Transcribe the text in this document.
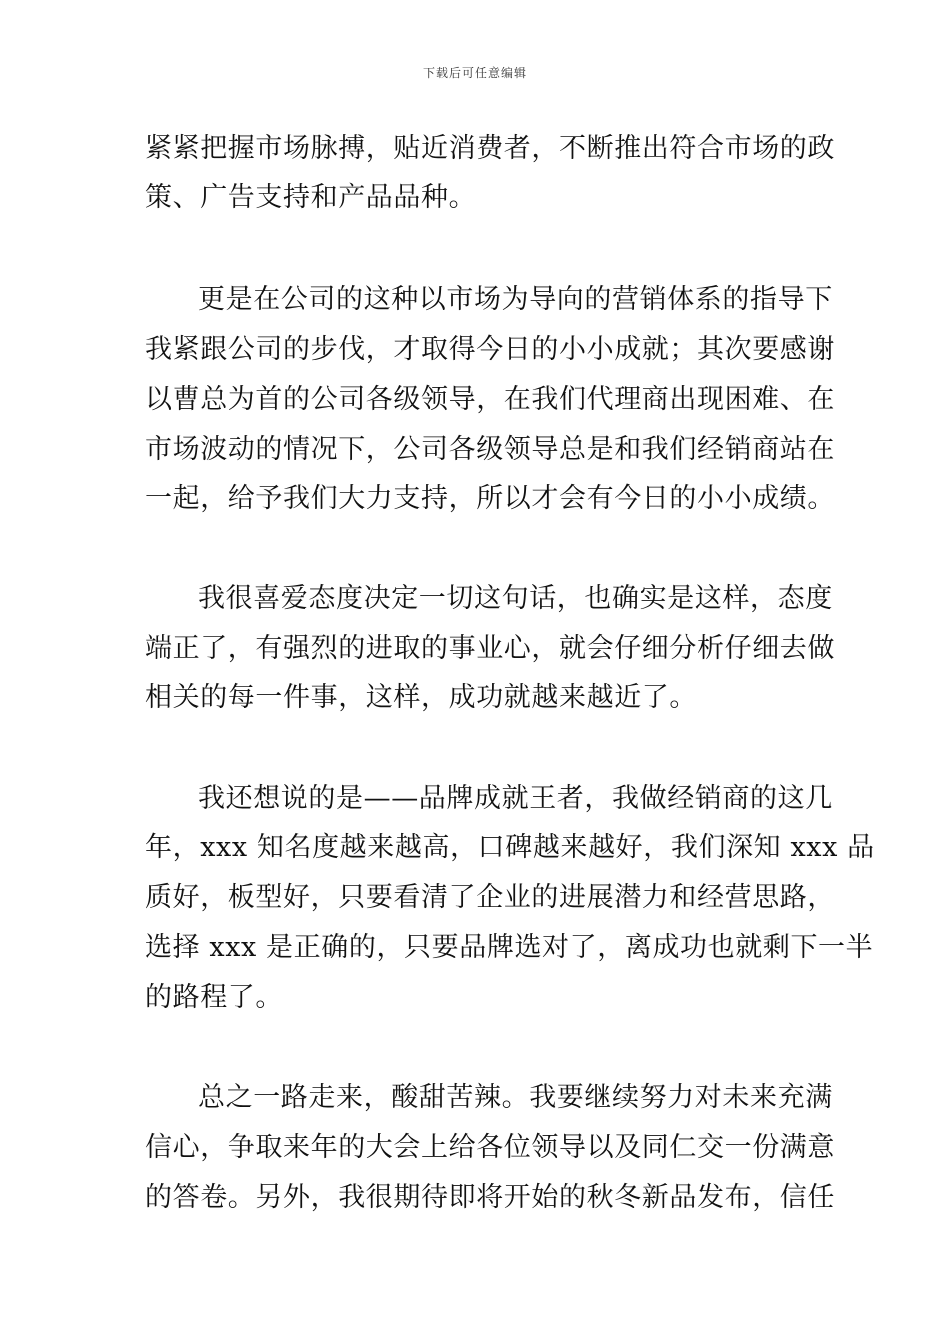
下载后可任意编辑
紧紧把握市场脉搏，贴近消费者，不断推出符合市场的政
策、广告支持和产品品种。
更是在公司的这种以市场为导向的营销体系的指导下
我紧跟公司的步伐，才取得今日的小小成就；其次要感谢
以曹总为首的公司各级领导，在我们代理商出现困难、在
市场波动的情况下，公司各级领导总是和我们经销商站在
一起，给予我们大力支持，所以才会有今日的小小成绩。
我很喜爱态度决定一切这句话，也确实是这样，态度
端正了，有强烈的进取的事业心，就会仔细分析仔细去做
相关的每一件事，这样，成功就越来越近了。
我还想说的是——品牌成就王者，我做经销商的这几
年，xxx 知名度越来越高，口碑越来越好，我们深知 xxx 品
质好，板型好，只要看清了企业的进展潜力和经营思路，
选择 xxx 是正确的，只要品牌选对了，离成功也就剩下一半
的路程了。
总之一路走来，酸甜苦辣。我要继续努力对未来充满
信心，争取来年的大会上给各位领导以及同仁交一份满意
的答卷。另外，我很期待即将开始的秋冬新品发布，信任
